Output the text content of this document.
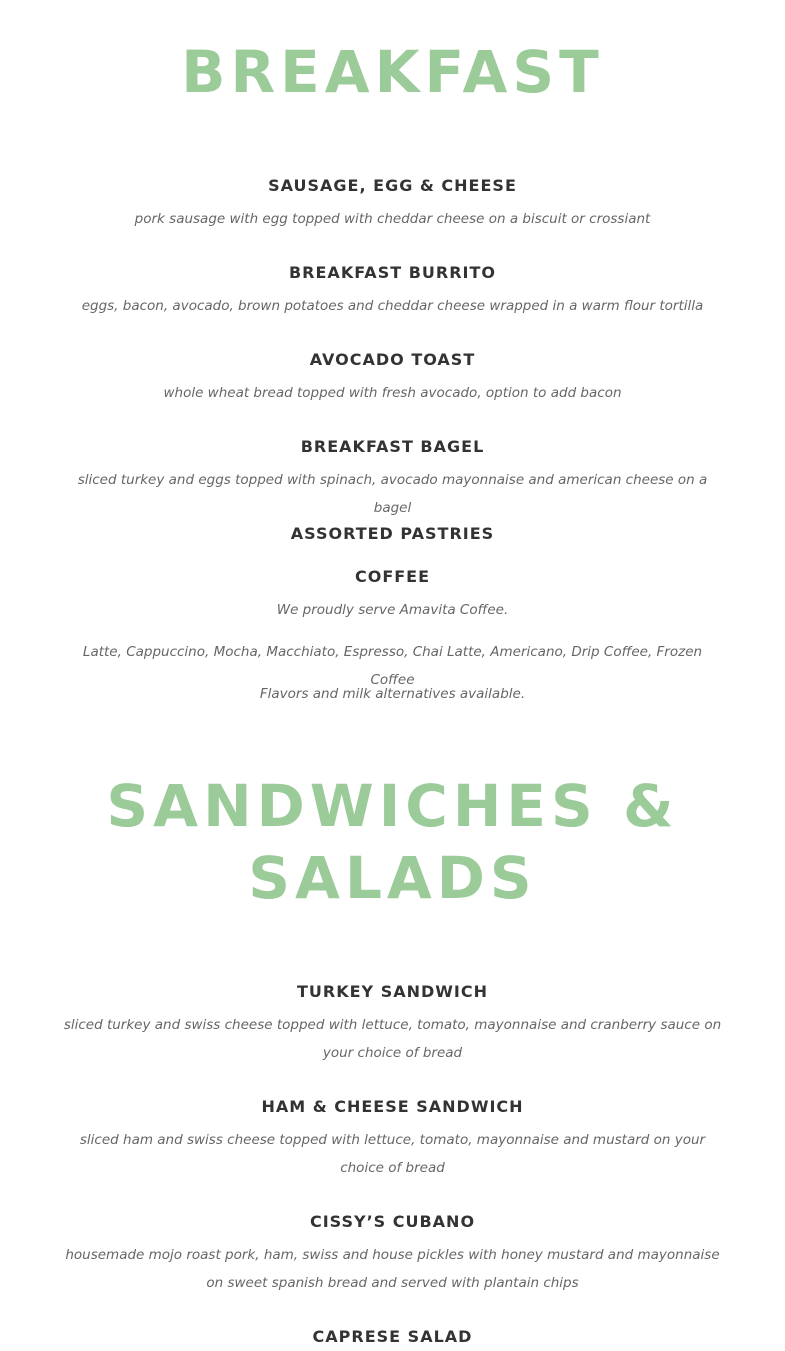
BREAKFAST
SAUSAGE, EGG & CHEESE

pork sausage with egg topped with cheddar cheese on a biscuit or crossiant

BREAKFAST BURRITO

eggs, bacon, avocado, brown potatoes and cheddar cheese wrapped in a warm flour tortilla

AVOCADO TOAST

whole wheat bread topped with fresh avocado, option to add bacon

BREAKFAST BAGEL

sliced turkey and eggs topped with spinach, avocado mayonnaise and american cheese on a bagel

ASSORTED PASTRIES
COFFEE

We proudly serve Amavita Coffee.

Latte, Cappuccino, Mocha, Macchiato, Espresso, Chai Latte, Americano, Drip Coffee, Frozen Coffee

Flavors and milk alternatives available.

SANDWICHES &
SALADS
TURKEY SANDWICH

sliced turkey and swiss cheese topped with lettuce, tomato, mayonnaise and cranberry sauce on your choice of bread

HAM & CHEESE SANDWICH

sliced ham and swiss cheese topped with lettuce, tomato, mayonnaise and mustard on your choice of bread

CISSY’S CUBANO

housemade mojo roast pork, ham, swiss and house pickles with honey mustard and mayonnaise on sweet spanish bread and served with plantain chips

CAPRESE SALAD
